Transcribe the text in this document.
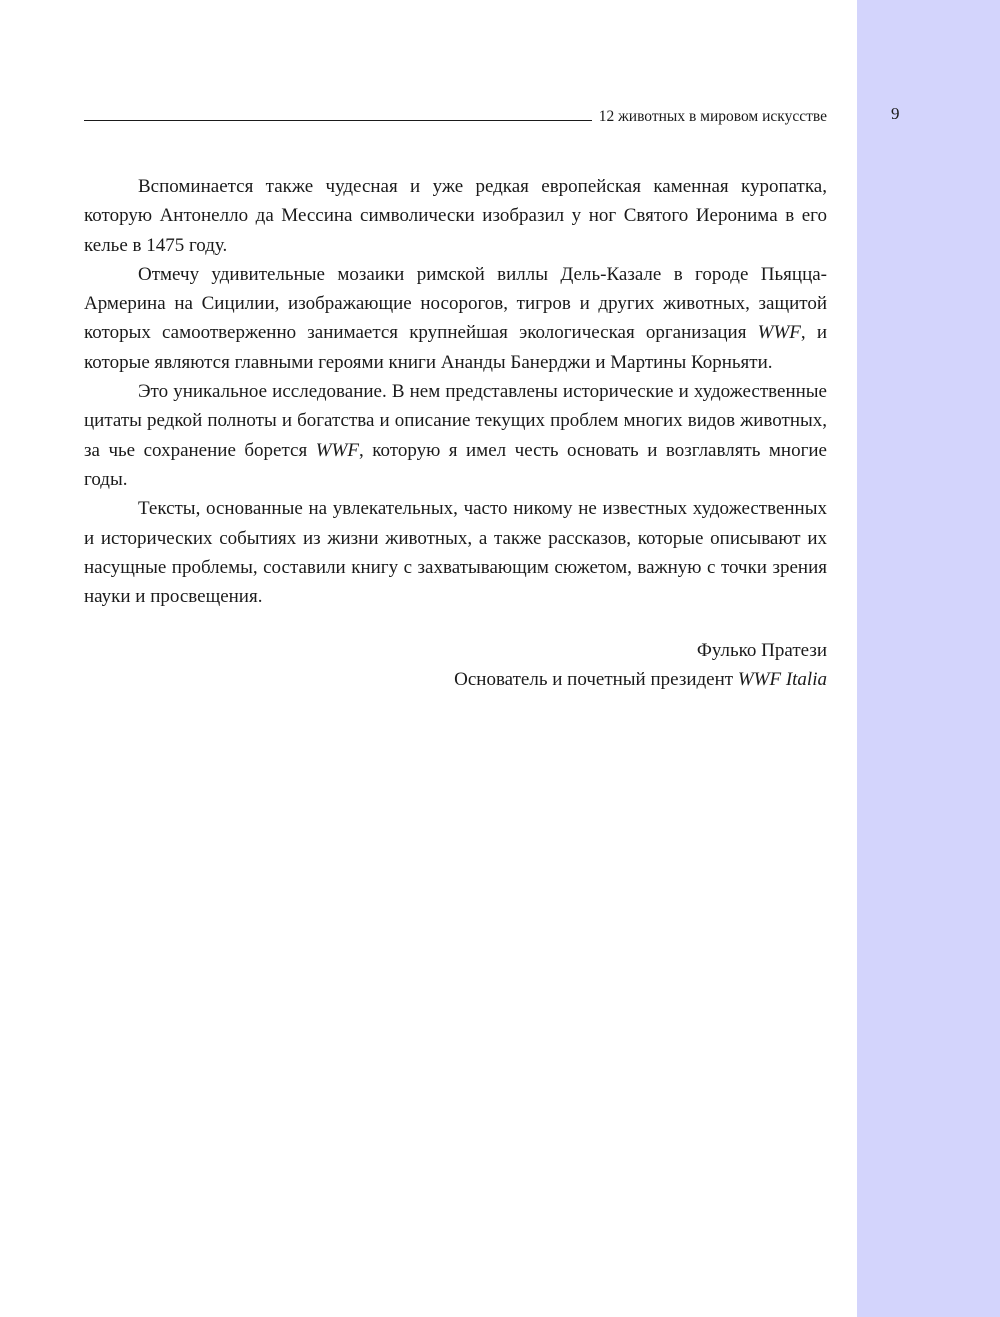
9
12 животных в мировом искусстве

Вспоминается также чудесная и уже редкая европейская каменная куропатка, которую Антонелло да Мессина символически изобразил у ног Святого Иеронима в его келье в 1475 году.

Отмечу удивительные мозаики римской виллы Дель-Казале в городе Пьяцца-Армерина на Сицилии, изображающие носорогов, тигров и других животных, защитой которых самоотверженно занимается крупнейшая экологическая организация WWF, и которые являются главными героями книги Ананды Банерджи и Мартины Корньяти.

Это уникальное исследование. В нем представлены исторические и художественные цитаты редкой полноты и богатства и описание текущих проблем многих видов животных, за чье сохранение борется WWF, которую я имел честь основать и возглавлять многие годы.

Тексты, основанные на увлекательных, часто никому не известных художественных и исторических событиях из жизни животных, а также рассказов, которые описывают их насущные проблемы, составили книгу с захватывающим сюжетом, важную с точки зрения науки и просвещения.

Фулько Пратези
Основатель и почетный президент WWF Italia
